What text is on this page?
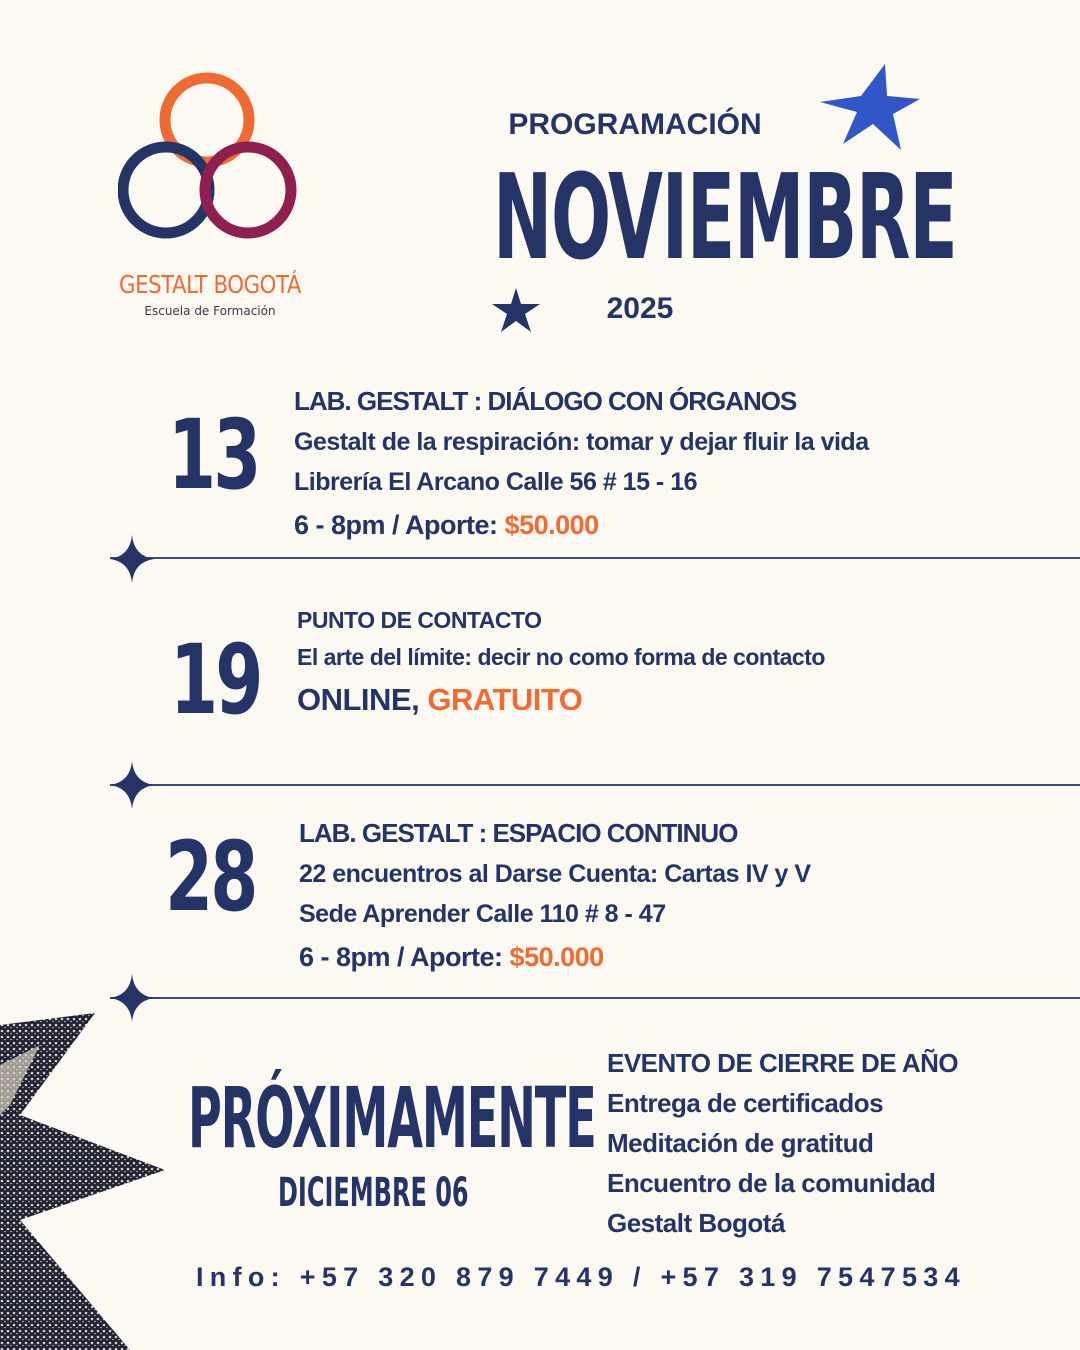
GESTALT BOGOTÁ
Escuela de Formación
PROGRAMACIÓN
NOVIEMBRE
2025
13 LAB. GESTALT : DIÁLOGO CON ÓRGANOS
Gestalt de la respiración: tomar y dejar fluir la vida
Librería El Arcano Calle 56 # 15 - 16
6 - 8pm / Aporte: $50.000
19
PUNTO DE CONTACTO
El arte del límite: decir no como forma de contacto
ONLINE, GRATUITO
28 LAB. GESTALT : ESPACIO CONTINUO
22 encuentros al Darse Cuenta: Cartas IV y V
Sede Aprender Calle 110 # 8 - 47
6 - 8pm / Aporte: $50.000
PRÓXIMAMENTE
DICIEMBRE 06
EVENTO DE CIERRE DE AÑO
Entrega de certificados
Meditación de gratitud
Encuentro de la comunidad
Gestalt Bogotá
Info: +57 320 879 7449 / +57 319 7547534
